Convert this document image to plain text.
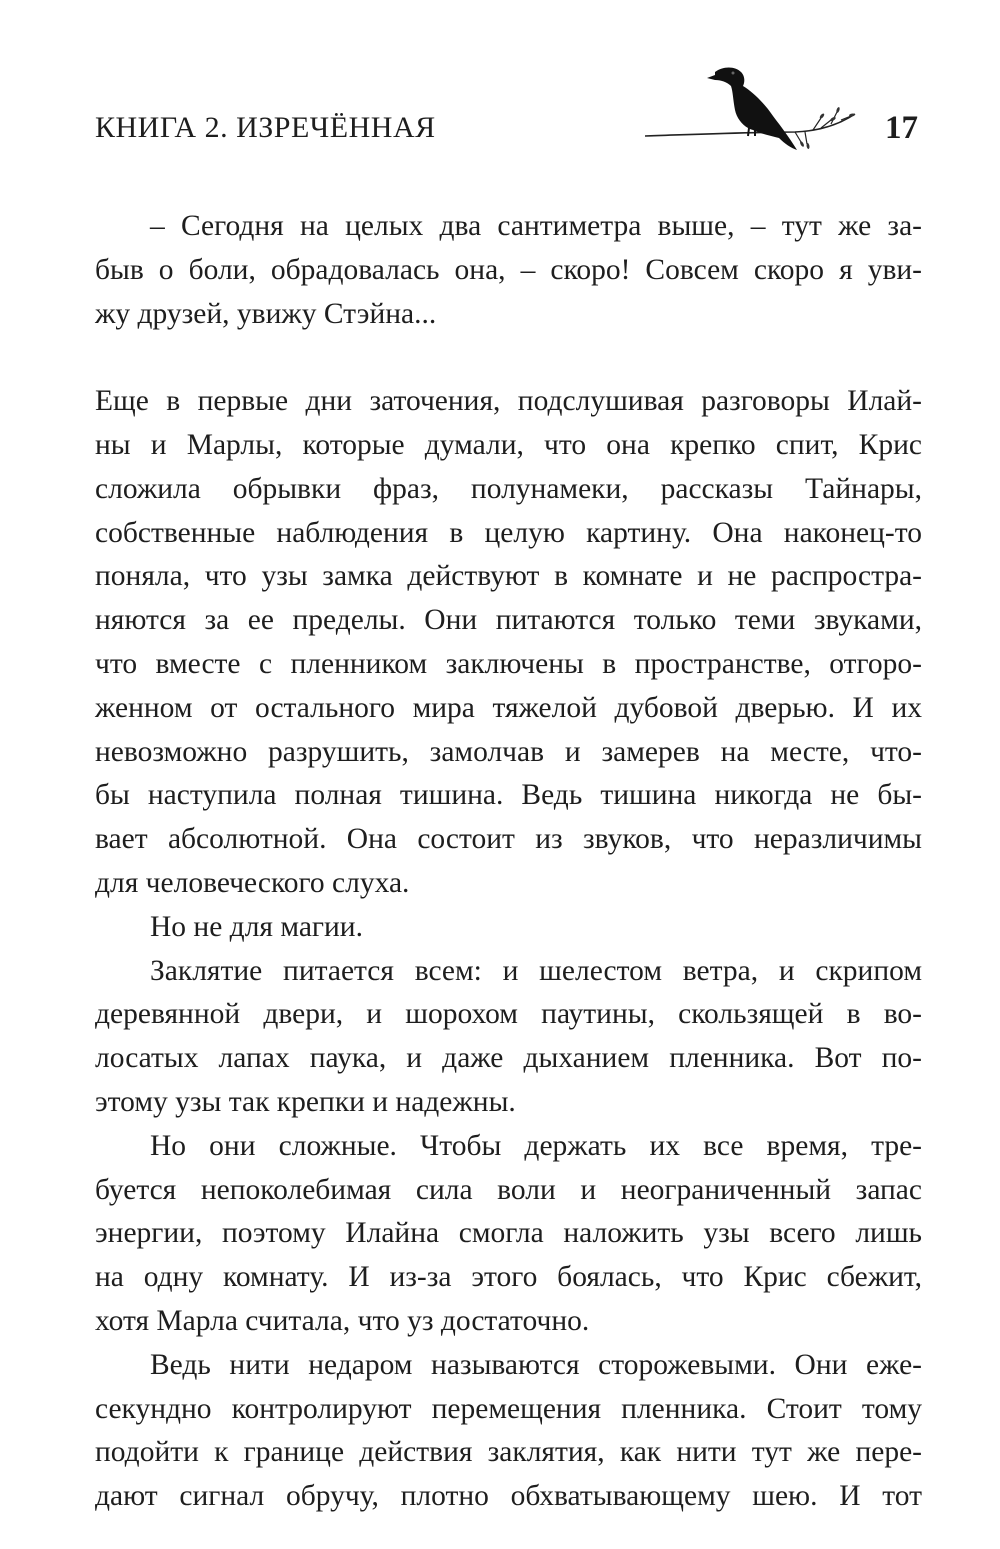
КНИГА 2. ИЗРЕЧЁННАЯ	17

– Сегодня на целых два сантиметра выше, – тут же за-

быв о боли, обрадовалась она, – скоро! Совсем скоро я уви-

жу друзей, увижу Стэйна...

Еще в первые дни заточения, подслушивая разговоры Илай-

ны и Марлы, которые думали, что она крепко спит, Крис

сложила обрывки фраз, полунамеки, рассказы Тайнары,

собственные наблюдения в целую картину. Она наконец-то

поняла, что узы замка действуют в комнате и не распростра-

няются за ее пределы. Они питаются только теми звуками,

что вместе с пленником заключены в пространстве, отгоро-

женном от остального мира тяжелой дубовой дверью. И их

невозможно разрушить, замолчав и замерев на месте, что-

бы наступила полная тишина. Ведь тишина никогда не бы-

вает абсолютной. Она состоит из звуков, что неразличимы

для человеческого слуха.

Но не для магии.

Заклятие питается всем: и шелестом ветра, и скрипом

деревянной двери, и шорохом паутины, скользящей в во-

лосатых лапах паука, и даже дыханием пленника. Вот по-

этому узы так крепки и надежны.

Но они сложные. Чтобы держать их все время, тре-

буется непоколебимая сила воли и неограниченный запас

энергии, поэтому Илайна смогла наложить узы всего лишь

на одну комнату. И из-за этого боялась, что Крис сбежит,

хотя Марла считала, что уз достаточно.

Ведь нити недаром называются сторожевыми. Они еже-

секундно контролируют перемещения пленника. Стоит тому

подойти к границе действия заклятия, как нити тут же пере-

дают сигнал обручу, плотно обхватывающему шею. И тот
